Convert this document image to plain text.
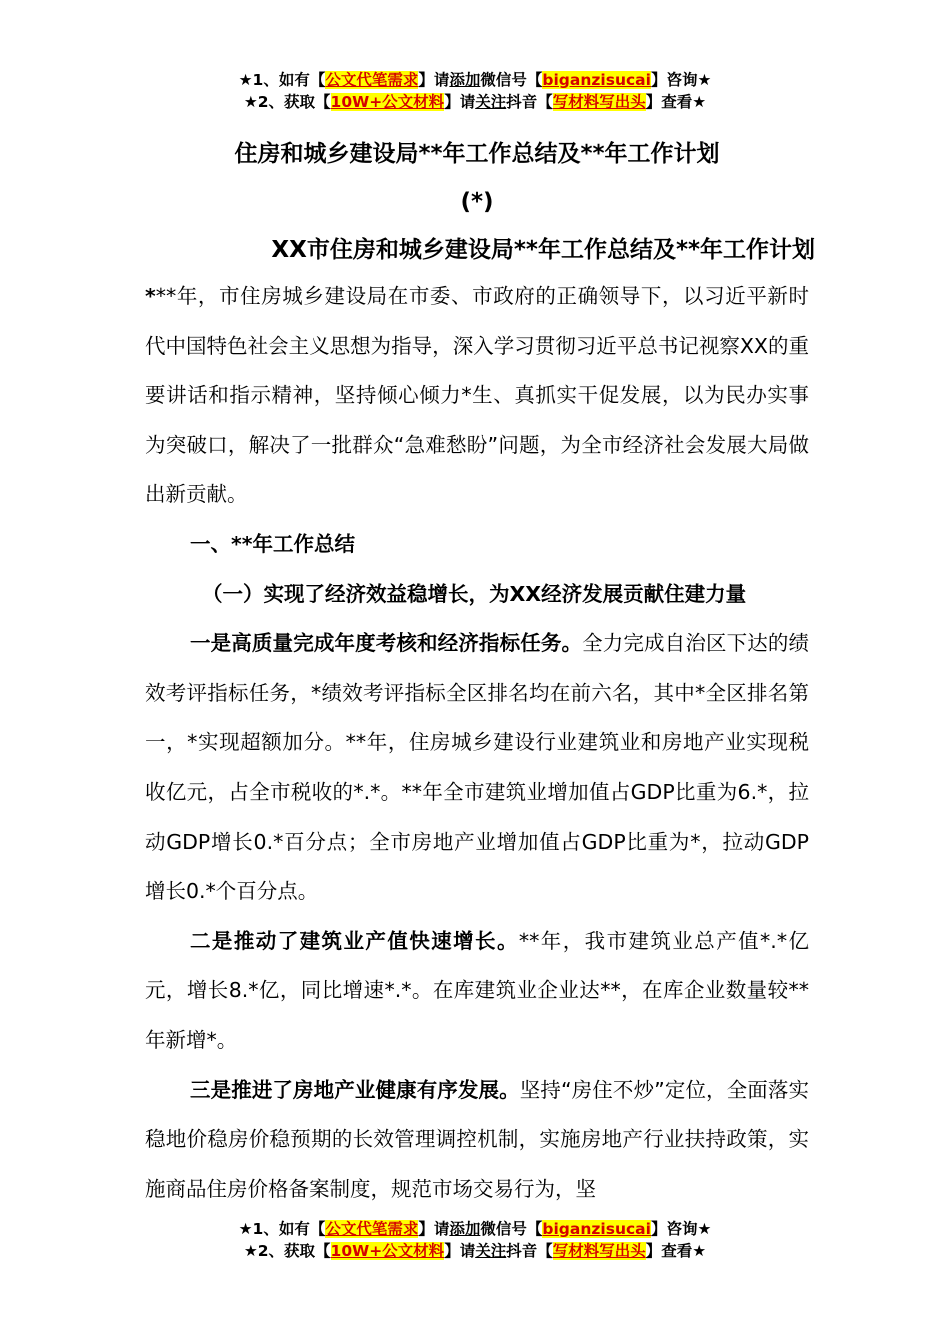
★1、如有【公文代笔需求】请添加微信号【biganzisucai】咨询★
★2、获取【10W+公文材料】请关注抖音【写材料写出头】查看★
住房和城乡建设局**年工作总结及**年工作计划
(*)
XX市住房和城乡建设局**年工作总结及**年工作计划
***年，市住房城乡建设局在市委、市政府的正确领导下，以习近平新时代中国特色社会主义思想为指导，深入学习贯彻习近平总书记视察XX的重要讲话和指示精神，坚持倾心倾力*生、真抓实干促发展，以为民办实事为突破口，解决了一批群众“急难愁盼”问题，为全市经济社会发展大局做出新贡献。
一、**年工作总结
（一）实现了经济效益稳增长，为XX经济发展贡献住建力量
一是高质量完成年度考核和经济指标任务。全力完成自治区下达的绩效考评指标任务，*绩效考评指标全区排名均在前六名，其中*全区排名第一，*实现超额加分。**年，住房城乡建设行业建筑业和房地产业实现税收亿元，占全市税收的*.*。**年全市建筑业增加值占GDP比重为6.*，拉动GDP增长0.*百分点；全市房地产业增加值占GDP比重为*，拉动GDP增长0.*个百分点。
二是推动了建筑业产值快速增长。**年，我市建筑业总产值*.*亿元，增长8.*亿，同比增速*.*。在库建筑业企业达**，在库企业数量较**年新增*。
三是推进了房地产业健康有序发展。坚持“房住不炒”定位，全面落实稳地价稳房价稳预期的长效管理调控机制，实施房地产行业扶持政策，实施商品住房价格备案制度，规范市场交易行为，坚
★1、如有【公文代笔需求】请添加微信号【biganzisucai】咨询★
★2、获取【10W+公文材料】请关注抖音【写材料写出头】查看★
